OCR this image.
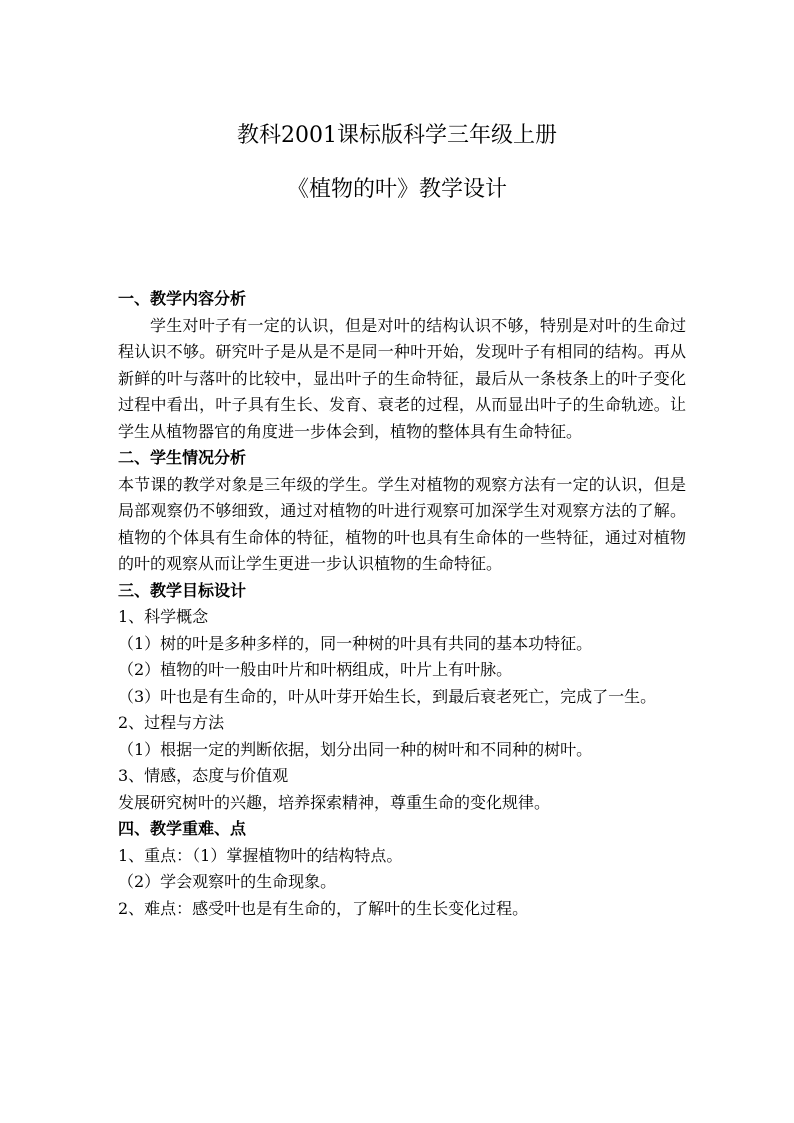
教科2001课标版科学三年级上册
《植物的叶》教学设计

一、教学内容分析

学生对叶子有一定的认识，但是对叶的结构认识不够，特别是对叶的生命过程认识不够。研究叶子是从是不是同一种叶开始，发现叶子有相同的结构。再从新鲜的叶与落叶的比较中，显出叶子的生命特征，最后从一条枝条上的叶子变化过程中看出，叶子具有生长、发育、衰老的过程，从而显出叶子的生命轨迹。让学生从植物器官的角度进一步体会到，植物的整体具有生命特征。

二、学生情况分析

本节课的教学对象是三年级的学生。学生对植物的观察方法有一定的认识，但是局部观察仍不够细致，通过对植物的叶进行观察可加深学生对观察方法的了解。植物的个体具有生命体的特征，植物的叶也具有生命体的一些特征，通过对植物的叶的观察从而让学生更进一步认识植物的生命特征。

三、教学目标设计

1、科学概念

（1）树的叶是多种多样的，同一种树的叶具有共同的基本功特征。

（2）植物的叶一般由叶片和叶柄组成，叶片上有叶脉。

（3）叶也是有生命的，叶从叶芽开始生长，到最后衰老死亡，完成了一生。

2、过程与方法

（1）根据一定的判断依据，划分出同一种的树叶和不同种的树叶。

3、情感，态度与价值观

发展研究树叶的兴趣，培养探索精神，尊重生命的变化规律。

四、教学重难、点

1、重点：（1）掌握植物叶的结构特点。

（2）学会观察叶的生命现象。

2、难点：感受叶也是有生命的，了解叶的生长变化过程。
